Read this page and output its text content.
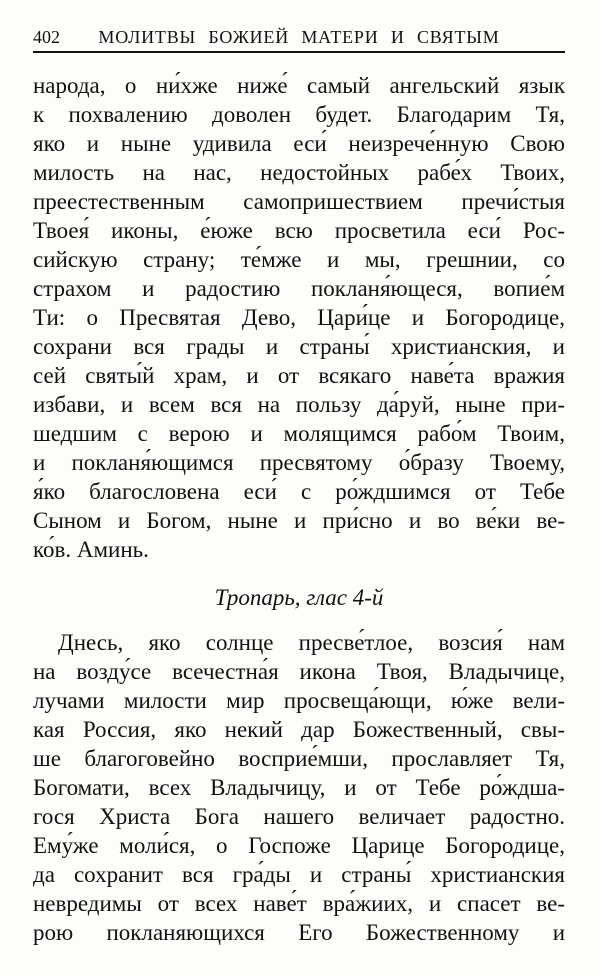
402	МОЛИТВЫ БОЖИЕЙ МАТЕРИ И СВЯТЫМ
народа, о ни́хже ниже́ самый ангельский язык
к похвалению доволен будет. Благодарим Тя,
яко и ныне удивила еси́ неизрече́нную Свою
милость на нас, недостойных рабе́х Твоих,
преестественным самопришествием пречи́стыя
Твоея́ иконы, е́юже всю просветила еси́ Рос-
сийскую страну; те́мже и мы, грешнии, со
страхом и радостию покланя́ющеся, вопие́м
Ти: о Пресвятая Дево, Цари́це и Богородице,
сохрани вся грады и страны́ христианския, и
сей святы́й храм, и от всякаго наве́та вражия
избави, и всем вся на пользу да́руй, ныне при-
шедшим с верою и молящимся рабо́м Твоим,
и покланя́ющимся пресвятому о́бразу Твоему,
я́ко благословена еси́ с ро́ждшимся от Тебе
Сыном и Богом, ныне и при́сно и во ве́ки ве-
ко́в. Аминь.
Тропарь, глас 4-й
Днесь, яко солнце пресве́тлое, возсия́ нам
на возду́се всечестна́я икона Твоя, Владычице,
лучами милости мир просвеща́ющи, ю́же вели-
кая Россия, яко некий дар Божественный, свы-
ше благоговейно восприе́мши, прославляет Тя,
Богомати, всех Владычицу, и от Тебе ро́ждша-
гося Христа Бога нашего величает радостно.
Ему́же моли́ся, о Госпоже Царице Богородице,
да сохранит вся гра́ды и страны́ христианския
невредимы от всех наве́т вра́жиих, и спасет ве-
рою покланяющихся Его Божественному и
